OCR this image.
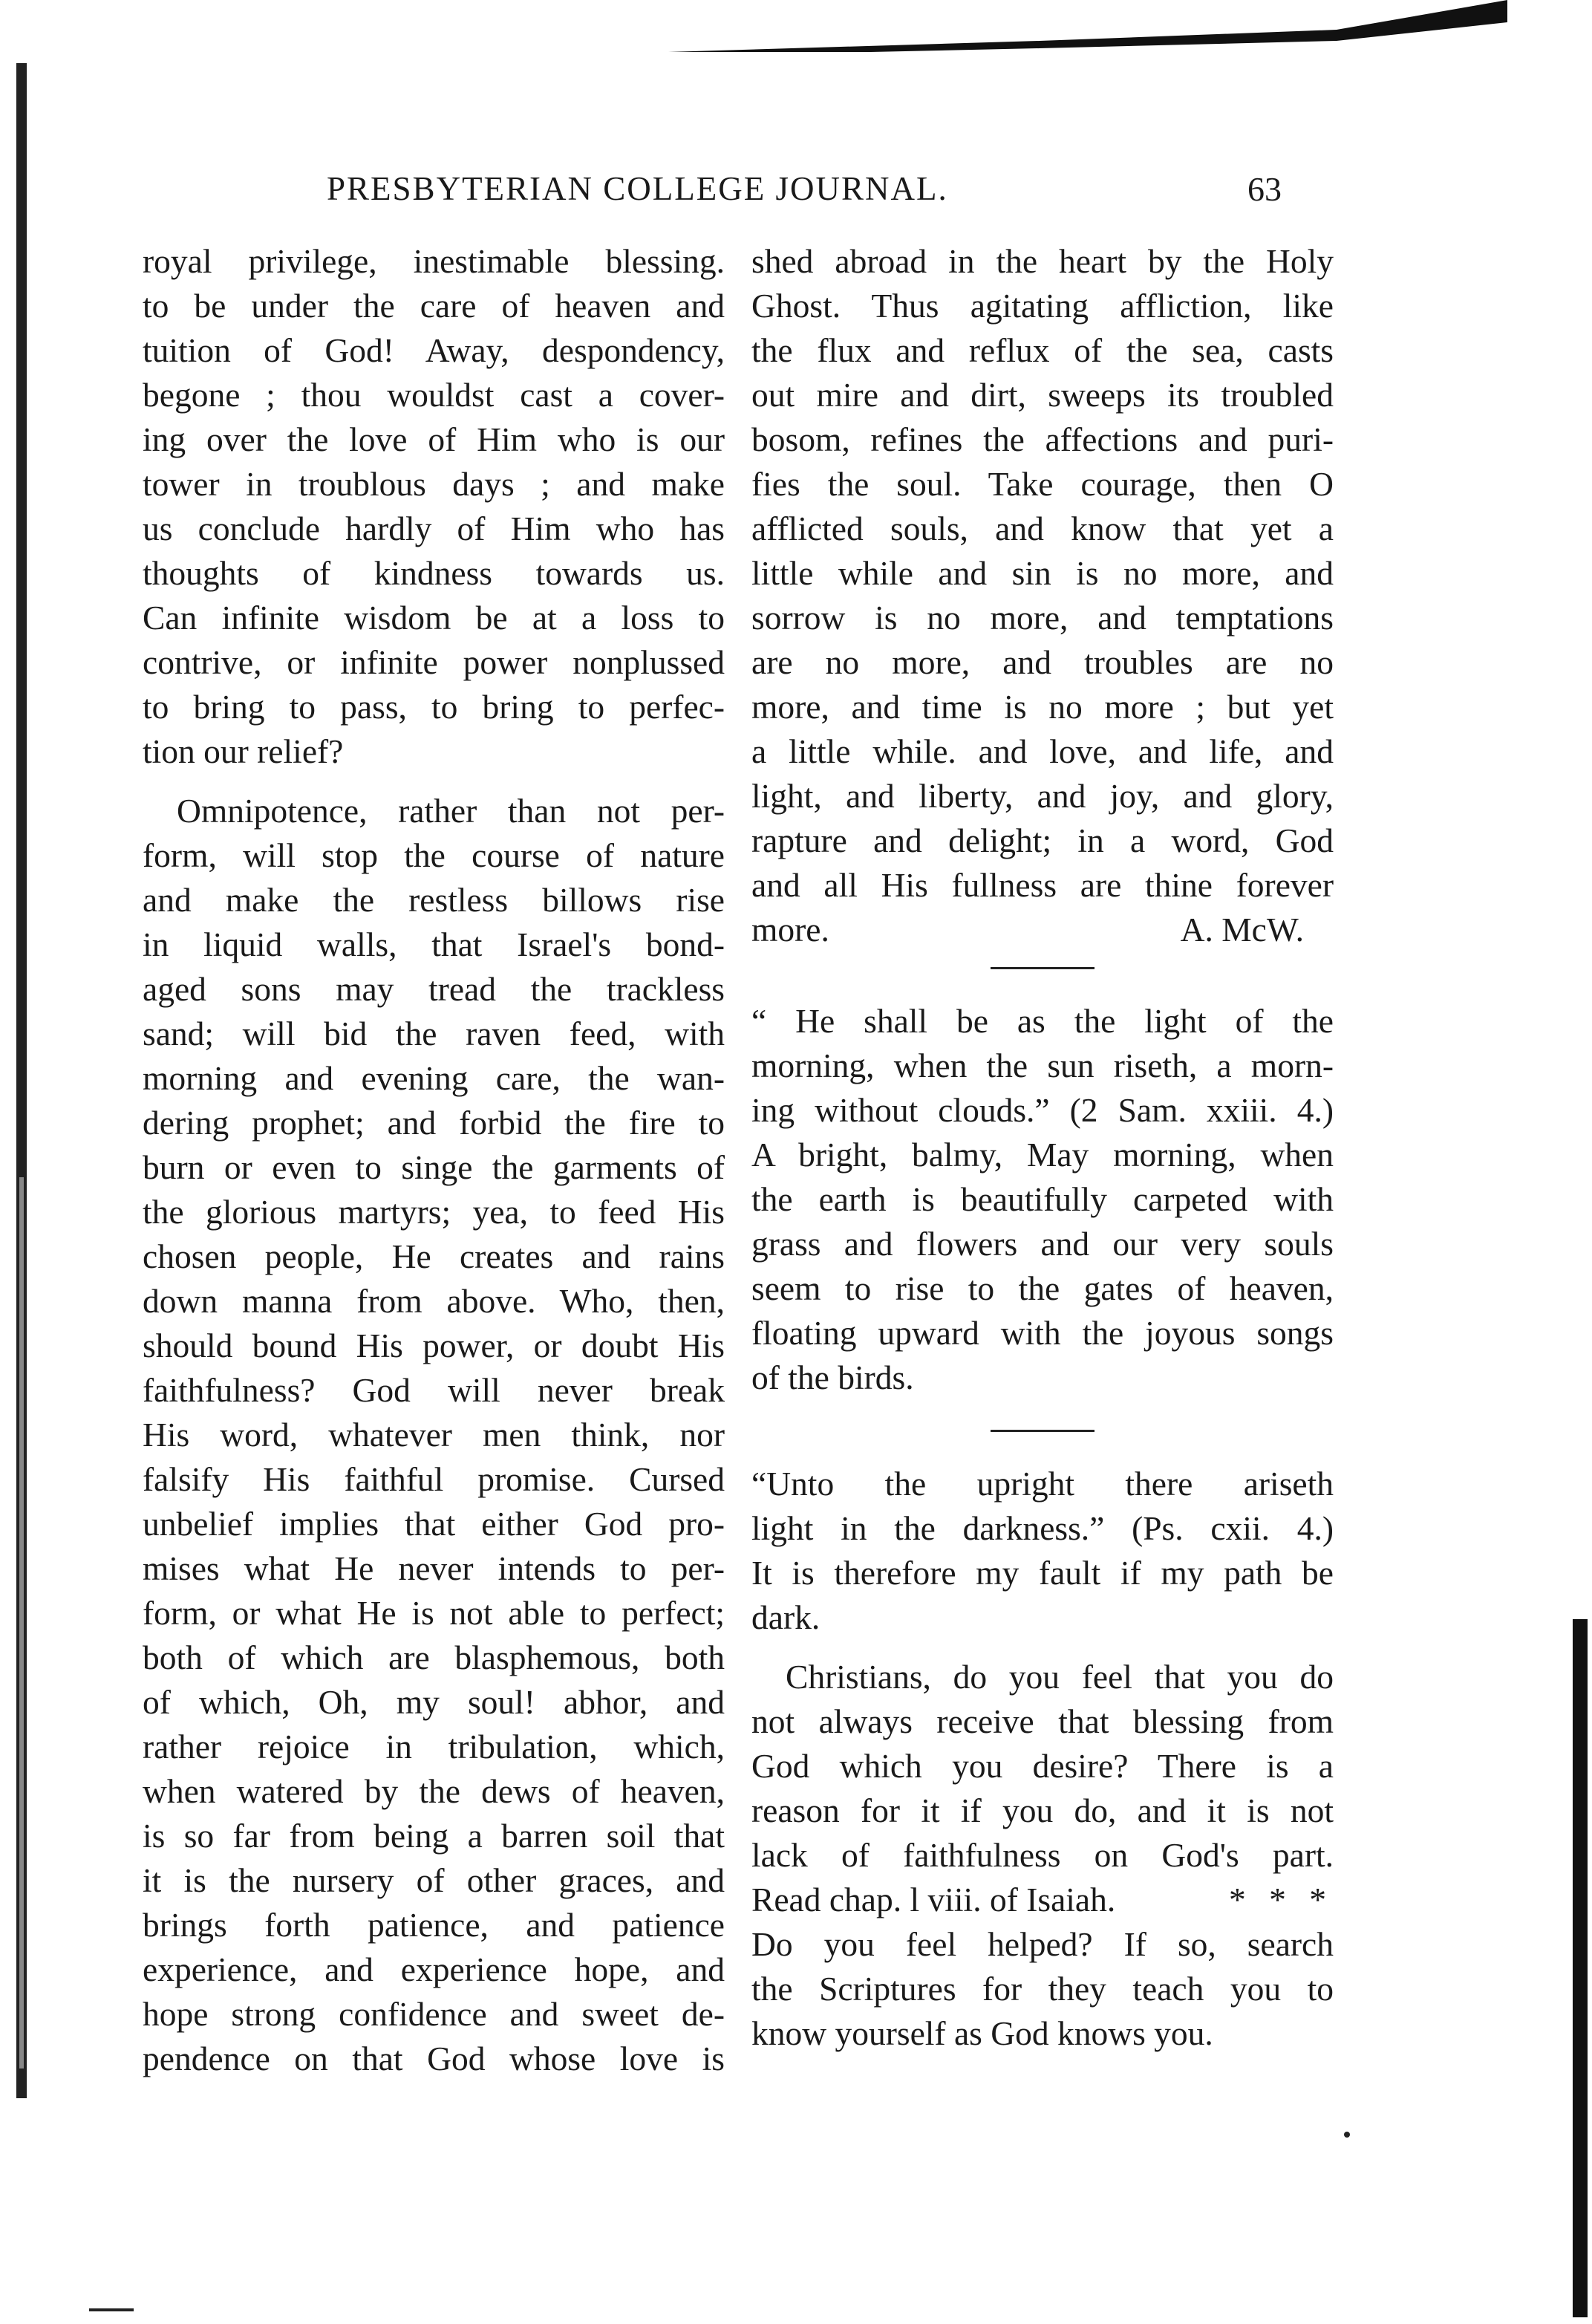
PRESBYTERIAN COLLEGE JOURNAL.	63
royal privilege, inestimable blessing.
to be under the care of heaven and
tuition of God! Away, despondency,
begone ; thou wouldst cast a cover-
ing over the love of Him who is our
tower in troublous days ; and make
us conclude hardly of Him who has
thoughts of kindness towards us.
Can infinite wisdom be at a loss to
contrive, or infinite power nonplussed
to bring to pass, to bring to perfec-
tion our relief?
Omnipotence, rather than not per-
form, will stop the course of nature
and make the restless billows rise
in liquid walls, that Israel's bond-
aged sons may tread the trackless
sand; will bid the raven feed, with
morning and evening care, the wan-
dering prophet; and forbid the fire to
burn or even to singe the garments of
the glorious martyrs; yea, to feed His
chosen people, He creates and rains
down manna from above. Who, then,
should bound His power, or doubt His
faithfulness? God will never break
His word, whatever men think, nor
falsify His faithful promise. Cursed
unbelief implies that either God pro-
mises what He never intends to per-
form, or what He is not able to perfect;
both of which are blasphemous, both
of which, Oh, my soul! abhor, and
rather rejoice in tribulation, which,
when watered by the dews of heaven,
is so far from being a barren soil that
it is the nursery of other graces, and
brings forth patience, and patience
experience, and experience hope, and
hope strong confidence and sweet de-
pendence on that God whose love is
shed abroad in the heart by the Holy
Ghost. Thus agitating affliction, like
the flux and reflux of the sea, casts
out mire and dirt, sweeps its troubled
bosom, refines the affections and puri-
fies the soul. Take courage, then O
afflicted souls, and know that yet a
little while and sin is no more, and
sorrow is no more, and temptations
are no more, and troubles are no
more, and time is no more ; but yet
a little while. and love, and life, and
light, and liberty, and joy, and glory,
rapture and delight; in a word, God
and all His fullness are thine forever
more.	A. McW.
“ He shall be as the light of the
morning, when the sun riseth, a morn-
ing without clouds.” (2 Sam. xxiii. 4.)
A bright, balmy, May morning, when
the earth is beautifully carpeted with
grass and flowers and our very souls
seem to rise to the gates of heaven,
floating upward with the joyous songs
of the birds.
“Unto the upright there ariseth
light in the darkness.” (Ps. cxii. 4.)
It is therefore my fault if my path be
dark.
Christians, do you feel that you do
not always receive that blessing from
God which you desire? There is a
reason for it if you do, and it is not
lack of faithfulness on God's part.
Read chap. l viii. of Isaiah.	* * *
Do you feel helped? If so, search
the Scriptures for they teach you to
know yourself as God knows you.
